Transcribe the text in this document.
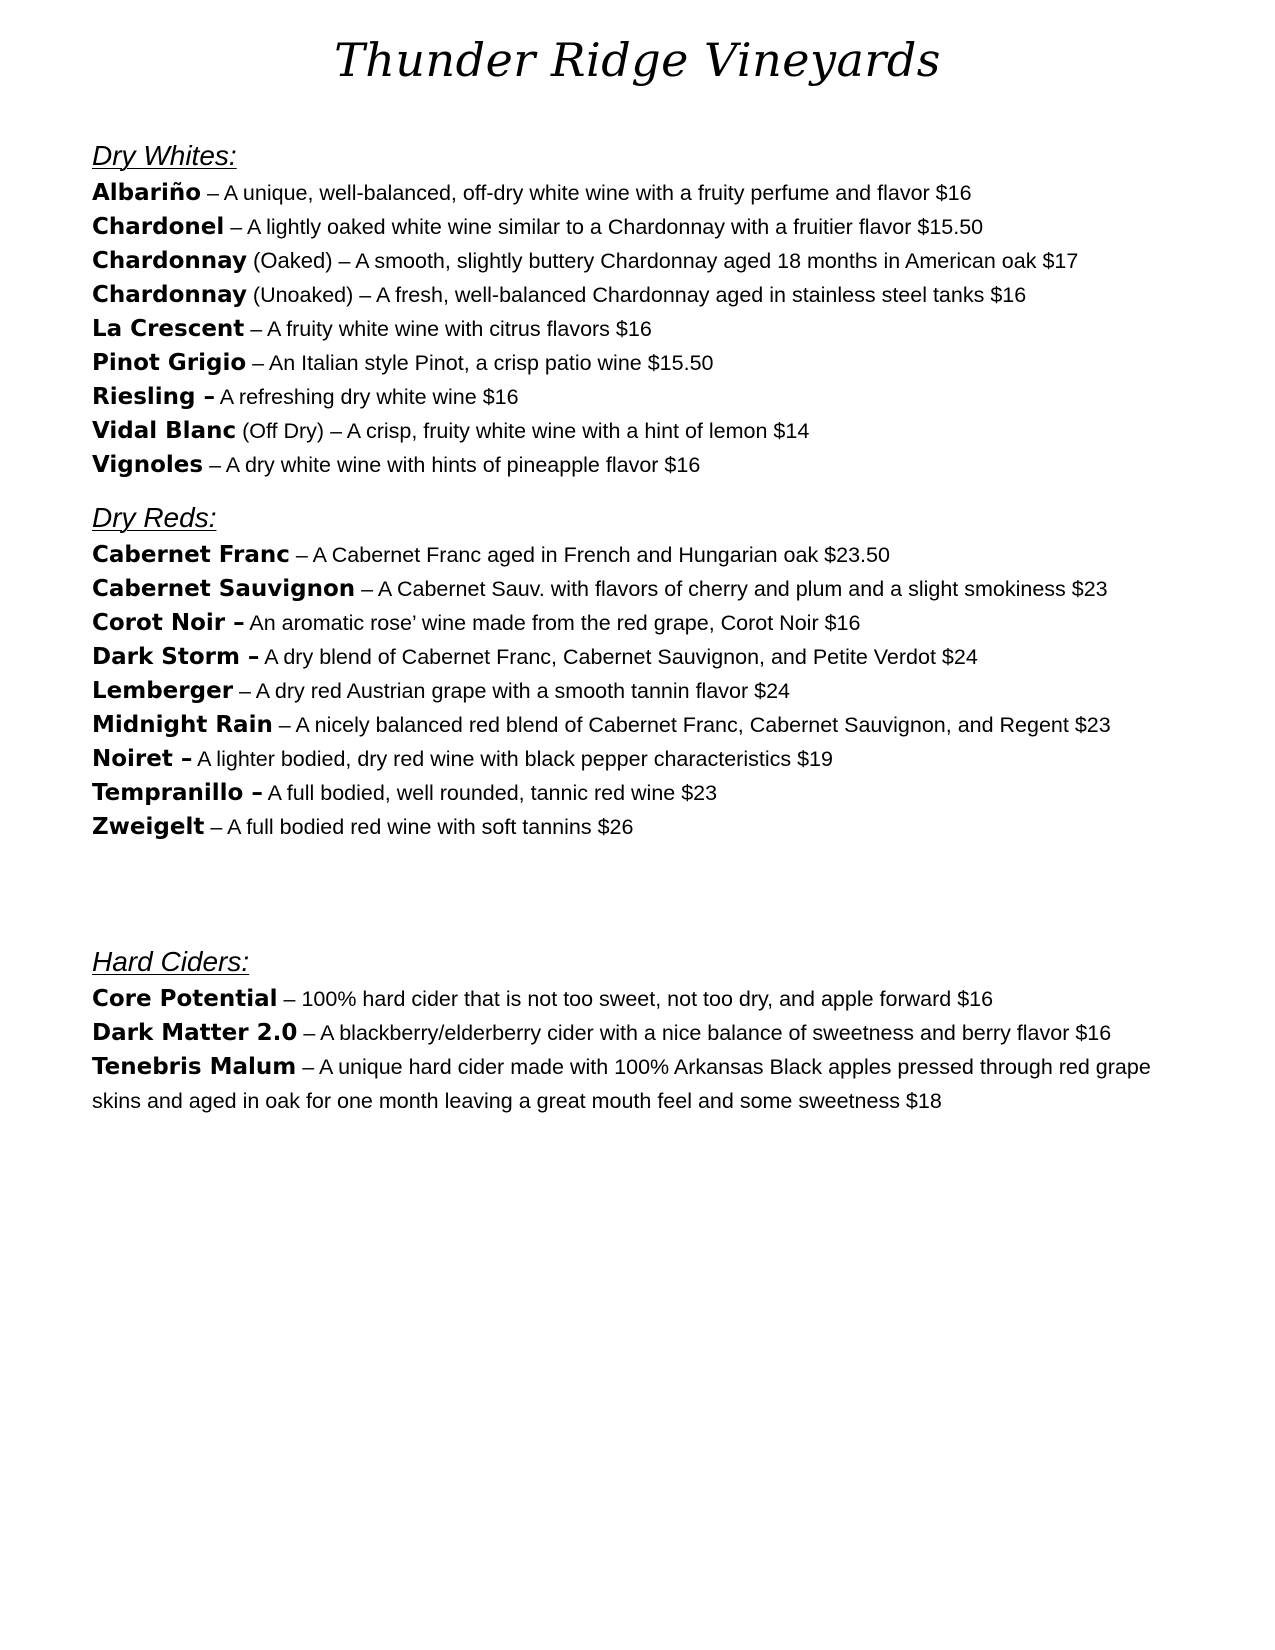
Thunder Ridge Vineyards
Dry Whites:
Albariño – A unique, well-balanced, off-dry white wine with a fruity perfume and flavor $16
Chardonel – A lightly oaked white wine similar to a Chardonnay with a fruitier flavor $15.50
Chardonnay (Oaked) – A smooth, slightly buttery Chardonnay aged 18 months in American oak $17
Chardonnay (Unoaked) – A fresh, well-balanced Chardonnay aged in stainless steel tanks $16
La Crescent – A fruity white wine with citrus flavors $16
Pinot Grigio – An Italian style Pinot, a crisp patio wine $15.50
Riesling – A refreshing dry white wine $16
Vidal Blanc (Off Dry) – A crisp, fruity white wine with a hint of lemon $14
Vignoles – A dry white wine with hints of pineapple flavor $16
Dry Reds:
Cabernet Franc – A Cabernet Franc aged in French and Hungarian oak $23.50
Cabernet Sauvignon – A Cabernet Sauv. with flavors of cherry and plum and a slight smokiness $23
Corot Noir – An aromatic rose’ wine made from the red grape, Corot Noir $16
Dark Storm – A dry blend of Cabernet Franc, Cabernet Sauvignon, and Petite Verdot $24
Lemberger – A dry red Austrian grape with a smooth tannin flavor $24
Midnight Rain – A nicely balanced red blend of Cabernet Franc, Cabernet Sauvignon, and Regent $23
Noiret – A lighter bodied, dry red wine with black pepper characteristics $19
Tempranillo – A full bodied, well rounded, tannic red wine $23
Zweigelt – A full bodied red wine with soft tannins $26
Hard Ciders:
Core Potential – 100% hard cider that is not too sweet, not too dry, and apple forward $16
Dark Matter 2.0 – A blackberry/elderberry cider with a nice balance of sweetness and berry flavor $16
Tenebris Malum – A unique hard cider made with 100% Arkansas Black apples pressed through red grape skins and aged in oak for one month leaving a great mouth feel and some sweetness $18
